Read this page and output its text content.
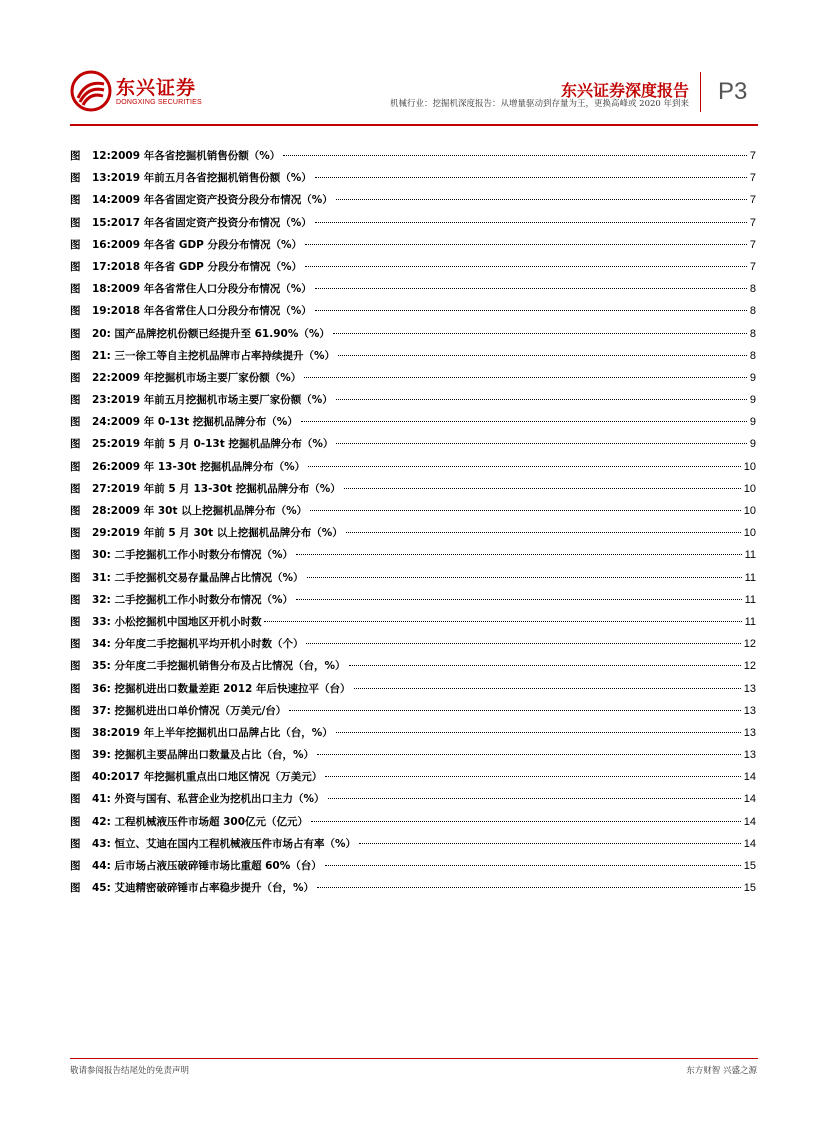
东兴证券
DONGXING SECURITIES
东兴证券深度报告
机械行业：挖掘机深度报告：从增量驱动到存量为王，更换高峰或 2020 年到来 P3
图	12:2009 年各省挖掘机销售份额（%）	7
图	13:2019 年前五月各省挖掘机销售份额（%）	7
图	14:2009 年各省固定资产投资分段分布情况（%）	7
图	15:2017 年各省固定资产投资分布情况（%）	7
图	16:2009 年各省 GDP 分段分布情况（%）	7
图	17:2018 年各省 GDP 分段分布情况（%）	7
图	18:2009 年各省常住人口分段分布情况（%）	8
图	19:2018 年各省常住人口分段分布情况（%）	8
图	20: 国产品牌挖机份额已经提升至 61.90%（%）	8
图	21: 三一徐工等自主挖机品牌市占率持续提升（%）	8
图	22:2009 年挖掘机市场主要厂家份额（%）	9
图	23:2019 年前五月挖掘机市场主要厂家份额（%）	9
图	24:2009 年 0-13t 挖掘机品牌分布（%）	9
图	25:2019 年前 5 月 0-13t 挖掘机品牌分布（%）	9
图	26:2009 年 13-30t 挖掘机品牌分布（%）	10
图	27:2019 年前 5 月 13-30t 挖掘机品牌分布（%）	10
图	28:2009 年 30t 以上挖掘机品牌分布（%）	10
图	29:2019 年前 5 月 30t 以上挖掘机品牌分布（%）	10
图	30: 二手挖掘机工作小时数分布情况（%）	11
图	31: 二手挖掘机交易存量品牌占比情况（%）	11
图	32: 二手挖掘机工作小时数分布情况（%）	11
图	33: 小松挖掘机中国地区开机小时数	11
图	34: 分年度二手挖掘机平均开机小时数（个）	12
图	35: 分年度二手挖掘机销售分布及占比情况（台，%）	12
图	36: 挖掘机进出口数量差距 2012 年后快速拉平（台）	13
图	37: 挖掘机进出口单价情况（万美元/台）	13
图	38:2019 年上半年挖掘机出口品牌占比（台，%）	13
图	39: 挖掘机主要品牌出口数量及占比（台，%）	13
图	40:2017 年挖掘机重点出口地区情况（万美元）	14
图	41: 外资与国有、私营企业为挖机出口主力（%）	14
图	42: 工程机械液压件市场超 300亿元（亿元）	14
图	43: 恒立、艾迪在国内工程机械液压件市场占有率（%）	14
图	44: 后市场占液压破碎锤市场比重超 60%（台）	15
图	45: 艾迪精密破碎锤市占率稳步提升（台，%）	15
敬请参阅报告结尾处的免责声明	东方财智 兴盛之源
